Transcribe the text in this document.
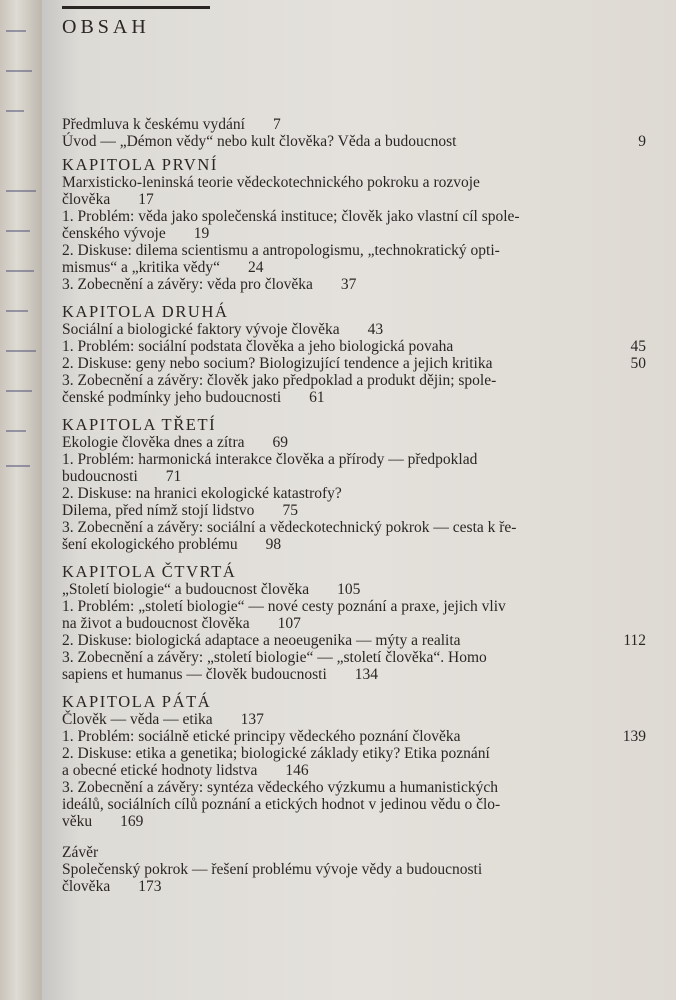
OBSAH
Předmluva k českému vydání 7
Úvod — „Démon vědy“ nebo kult člověka? Věda a budoucnost	9
KAPITOLA PRVNÍ
Marxisticko-leninská teorie vědeckotechnického pokroku a rozvoje
člověka 17
1. Problém: věda jako společenská instituce; člověk jako vlastní cíl spole-
čenského vývoje 19
2. Diskuse: dilema scientismu a antropologismu, „technokratický opti-
mismus“ a „kritika vědy“ 24
3. Zobecnění a závěry: věda pro člověka 37
KAPITOLA DRUHÁ
Sociální a biologické faktory vývoje člověka 43
1. Problém: sociální podstata člověka a jeho biologická povaha	45
2. Diskuse: geny nebo socium? Biologizující tendence a jejich kritika	50
3. Zobecnění a závěry: člověk jako předpoklad a produkt dějin; spole-
čenské podmínky jeho budoucnosti 61
KAPITOLA TŘETÍ
Ekologie člověka dnes a zítra 69
1. Problém: harmonická interakce člověka a přírody — předpoklad
budoucnosti 71
2. Diskuse: na hranici ekologické katastrofy?
Dilema, před nímž stojí lidstvo 75
3. Zobecnění a závěry: sociální a vědeckotechnický pokrok — cesta k ře-
šení ekologického problému 98
KAPITOLA ČTVRTÁ
„Století biologie“ a budoucnost člověka 105
1. Problém: „století biologie“ — nové cesty poznání a praxe, jejich vliv
na život a budoucnost člověka 107
2. Diskuse: biologická adaptace a neoeugenika — mýty a realita	112
3. Zobecnění a závěry: „století biologie“ — „století člověka“. Homo
sapiens et humanus — člověk budoucnosti 134
KAPITOLA PÁTÁ
Člověk — věda — etika 137
1. Problém: sociálně etické principy vědeckého poznání člověka	139
2. Diskuse: etika a genetika; biologické základy etiky? Etika poznání
a obecné etické hodnoty lidstva 146
3. Zobecnění a závěry: syntéza vědeckého výzkumu a humanistických
ideálů, sociálních cílů poznání a etických hodnot v jedinou vědu o člo-
věku 169
Závěr
Společenský pokrok — řešení problému vývoje vědy a budoucnosti
člověka 173
